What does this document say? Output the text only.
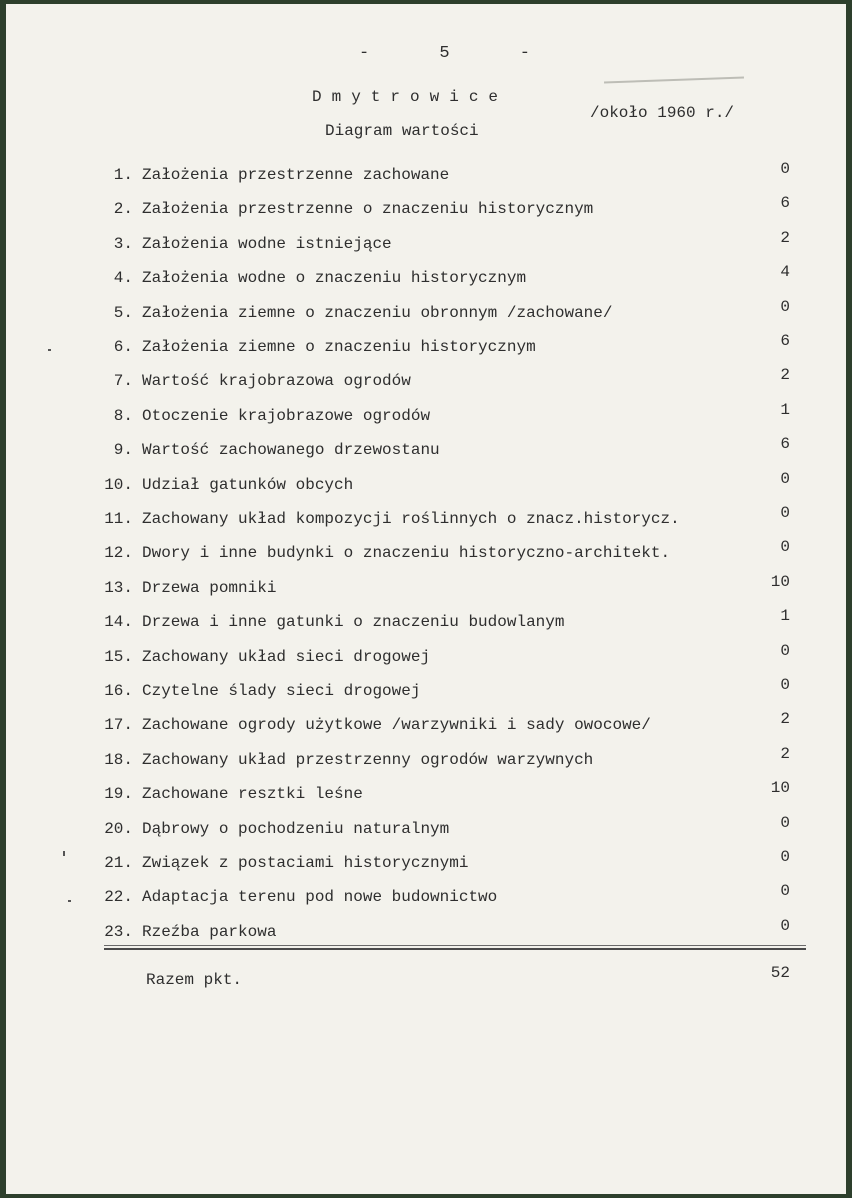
- 5 -
Dmytrowice
Diagram wartości
/około 1960 r./
1. Założenia przestrzenne zachowane	0
2. Założenia przestrzenne o znaczeniu historycznym	6
3. Założenia wodne istniejące	2
4. Założenia wodne o znaczeniu historycznym	4
5. Założenia ziemne o znaczeniu obronnym /zachowane/	0
6. Założenia ziemne o znaczeniu historycznym	6
7. Wartość krajobrazowa ogrodów	2
8. Otoczenie krajobrazowe ogrodów	1
9. Wartość zachowanego drzewostanu	6
10. Udział gatunków obcych	0
11. Zachowany układ kompozycji roślinnych o znacz.historycz.	0
12. Dwory i inne budynki o znaczeniu historyczno-architekt.	0
13. Drzewa pomniki	10
14. Drzewa i inne gatunki o znaczeniu budowlanym	1
15. Zachowany układ sieci drogowej	0
16. Czytelne ślady sieci drogowej	0
17. Zachowane ogrody użytkowe /warzywniki i sady owocowe/	2
18. Zachowany układ przestrzenny ogrodów warzywnych	2
19. Zachowane resztki leśne	10
20. Dąbrowy o pochodzeniu naturalnym	0
21. Związek z postaciami historycznymi	0
22. Adaptacja terenu pod nowe budownictwo	0
23. Rzeźba parkowa	0
Razem pkt.	52
